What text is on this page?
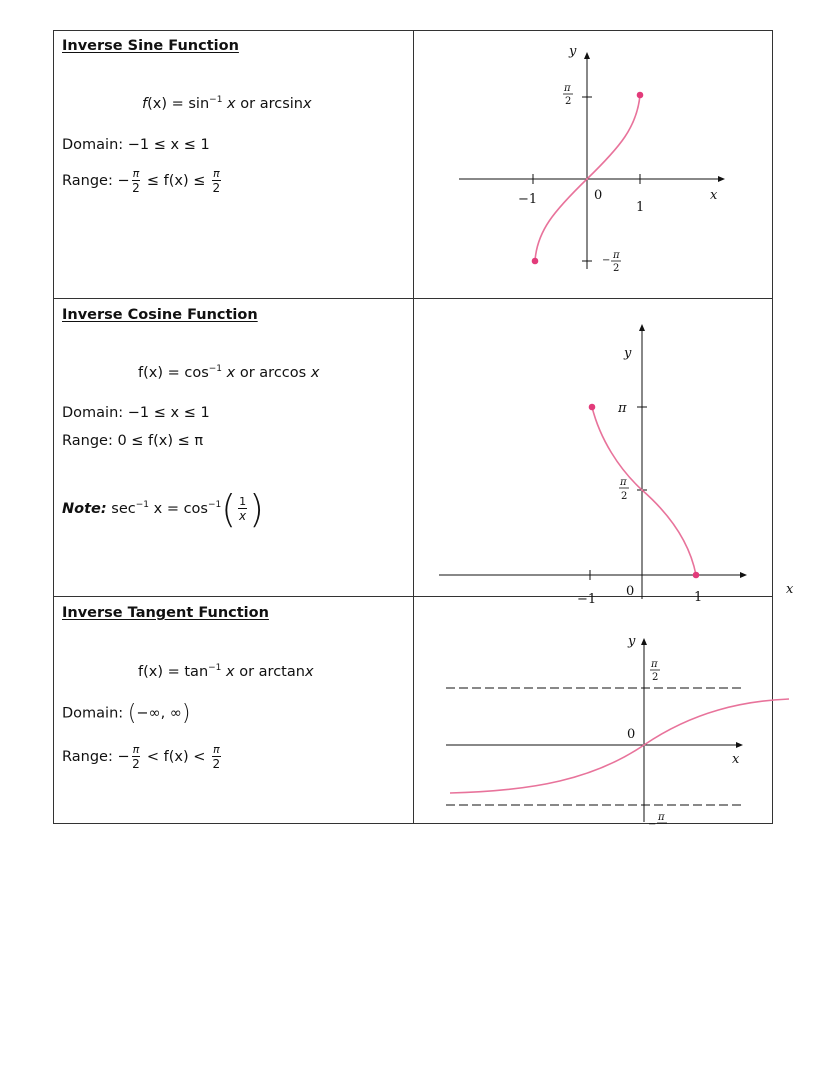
Inverse Sine Function
$f(x) = \sin^{-1} x$ or arcsinx
Domain: −1 ≤ x ≤ 1
Range: − $\frac{\pi}{2} \le f(x) \le \frac{\pi}{2}$
y
x
−1	0
1
π
2
− π
2
Inverse Cosine Function
$f(x) = \cos^{-1} x$ or arccos x
Domain: −1 ≤ x ≤ 1
Range: 0 ≤ f(x) ≤ π
Note: $\sec^{-1} x = \cos^{-1}( \frac{1}{x}$ )
y
x
−1
0	1
π
π
2
Inverse Tangent Function
$f(x) = \tan^{-1} x$ or arctanx
Domain: (−∞, ∞)
Range: − $\frac{\pi}{2} < f(x) < \frac{\pi}{2}$
y
x
0
π
2
−
π
